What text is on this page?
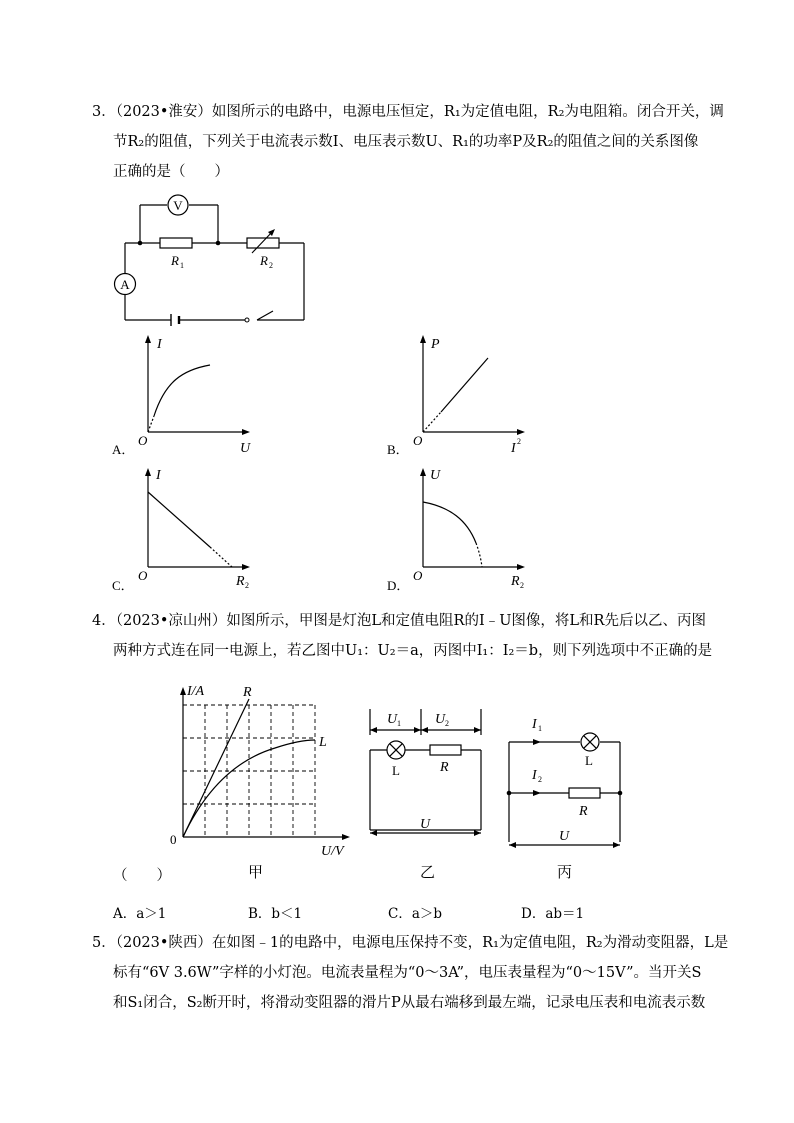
3．（2023•淮安）如图所示的电路中，电源电压恒定，R₁为定值电阻，R₂为电阻箱。闭合开关，调
节R₂的阻值，下列关于电流表示数I、电压表示数U、R₁的功率P及R₂的阻值之间的关系图像
正确的是（　　）
V
A
R 1	R 2
I
U
O
A．
P
I 2
O
B．
I
R 2
O
C．
U
R 2
O
D．
4．（2023•凉山州）如图所示，甲图是灯泡L和定值电阻R的I﹣U图像，将L和R先后以乙、丙图
两种方式连在同一电源上，若乙图中U₁：U₂＝a，丙图中I₁：I₂＝b，则下列选项中不正确的是
I/A
U/V
0
R
L
甲
U 1 U 2
L	R
U
乙
I 1
I 2
L
R
U
丙
（　　）
A．a＞1	B．b＜1	C．a＞b	D．ab＝1
5．（2023•陕西）在如图﹣1的电路中，电源电压保持不变，R₁为定值电阻，R₂为滑动变阻器，L是
标有“6V 3.6W”字样的小灯泡。电流表量程为“0～3A”，电压表量程为“0～15V”。当开关S
和S₁闭合，S₂断开时，将滑动变阻器的滑片P从最右端移到最左端，记录电压表和电流表示数
